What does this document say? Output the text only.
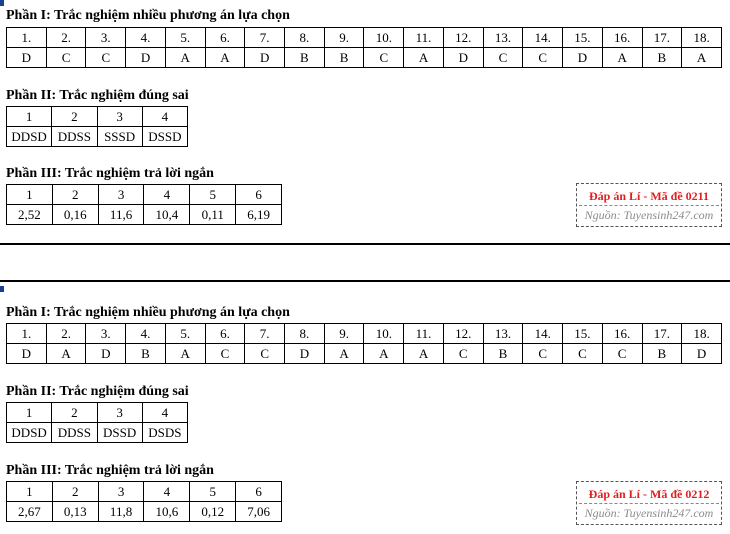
Phần I: Trắc nghiệm nhiều phương án lựa chọn
1.	2.	3.	4.	5.	6.	7.	8.	9.	10.	11.	12.	13.	14.	15.	16.	17.	18.
D	C	C	D	A	A	D	B	B	C	A	D	C	C	D	A	B	A
Phần II: Trắc nghiệm đúng sai
1	2	3	4
DDSD	DDSS	SSSD	DSSD
Phần III: Trắc nghiệm trả lời ngắn
1	2	3	4	5	6
2,52	0,16	11,6	10,4	0,11	6,19
Đáp án Lí - Mã đề 0211
Nguồn: Tuyensinh247.com
Phần I: Trắc nghiệm nhiều phương án lựa chọn
1.	2.	3.	4.	5.	6.	7.	8.	9.	10.	11.	12.	13.	14.	15.	16.	17.	18.
D	A	D	B	A	C	C	D	A	A	A	C	B	C	C	C	B	D
Phần II: Trắc nghiệm đúng sai
1	2	3	4
DDSD	DDSS	DSSD	DSDS
Phần III: Trắc nghiệm trả lời ngắn
1	2	3	4	5	6
2,67	0,13	11,8	10,6	0,12	7,06
Đáp án Lí - Mã đề 0212
Nguồn: Tuyensinh247.com
